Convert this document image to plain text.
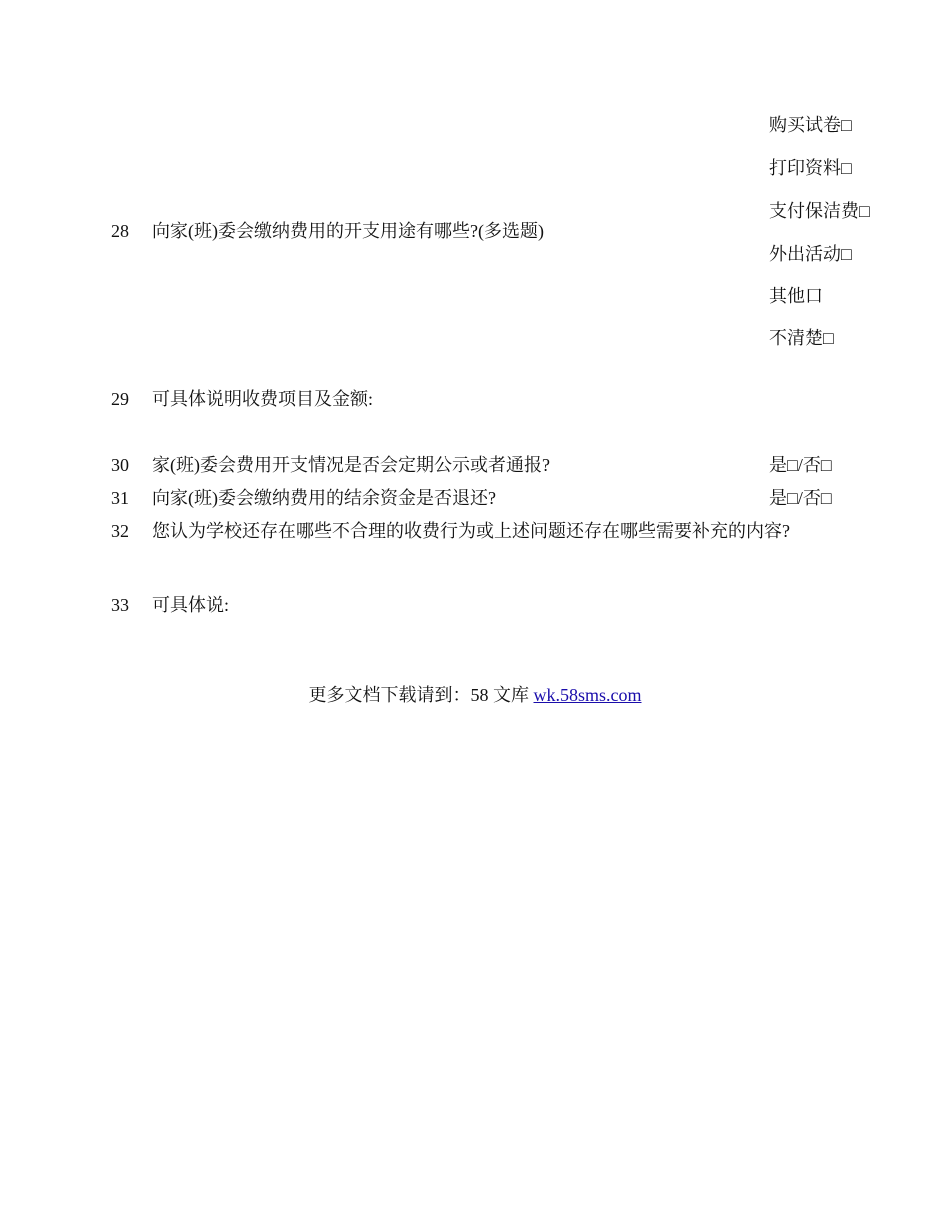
28 向家(班)委会缴纳费用的开支用途有哪些?(多选题)
购买试卷□
打印资料□
支付保洁费□
外出活动□
其他口
不清楚□
29 可具体说明收费项目及金额:
30 家(班)委会费用开支情况是否会定期公示或者通报?	是□/否□
31 向家(班)委会缴纳费用的结余资金是否退还?	是□/否□
32 您认为学校还存在哪些不合理的收费行为或上述问题还存在哪些需要补充的内容?
33 可具体说:
更多文档下载请到：58 文库 wk.58sms.com
